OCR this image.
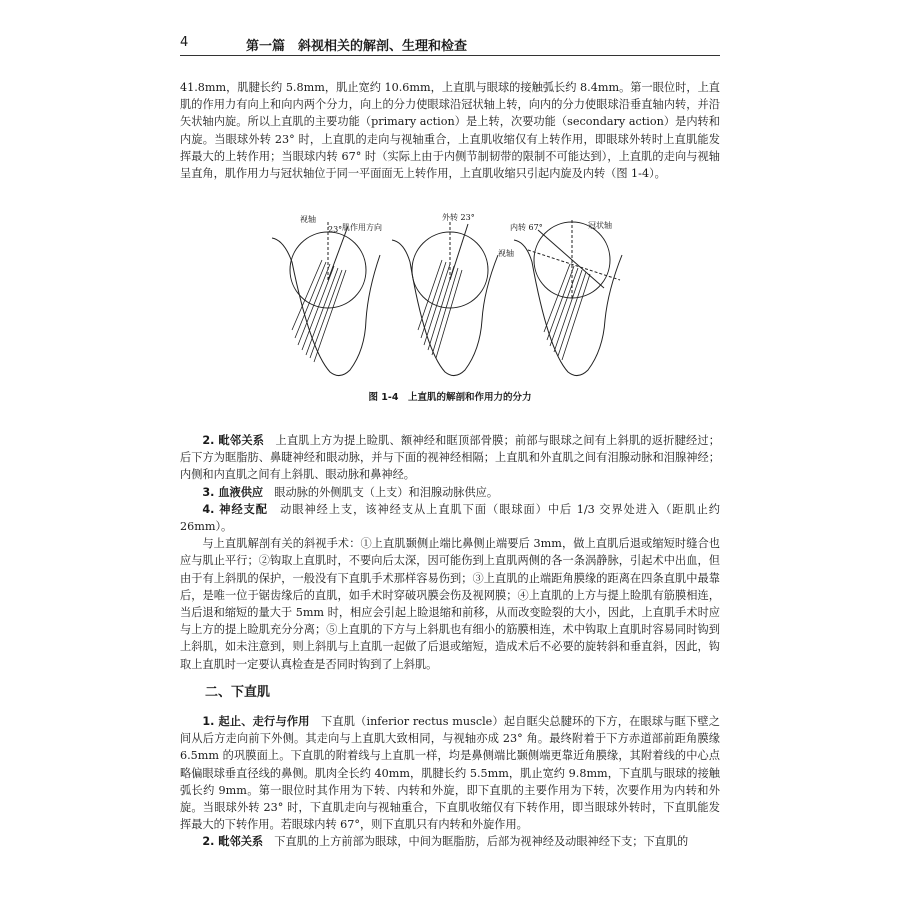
4	第一篇　斜视相关的解剖、生理和检查

41.8mm，肌腱长约 5.8mm，肌止宽约 10.6mm，上直肌与眼球的接触弧长约 8.4mm。第一眼位时，上直肌的作用力有向上和向内两个分力，向上的分力使眼球沿冠状轴上转，向内的分力使眼球沿垂直轴内转，并沿矢状轴内旋。所以上直肌的主要功能（primary action）是上转，次要功能（secondary action）是内转和内旋。当眼球外转 23° 时，上直肌的走向与视轴重合，上直肌收缩仅有上转作用，即眼球外转时上直肌能发挥最大的上转作用；当眼球内转 67° 时（实际上由于内侧节制韧带的限制不可能达到），上直肌的走向与视轴呈直角，肌作用力与冠状轴位于同一平面面无上转作用，上直肌收缩只引起内旋及内转（图 1-4）。

视轴
23° 肌作用方向
外转 23°
内转 67°	冠状轴
视轴
图 1-4　上直肌的解剖和作用力的分力

2. 毗邻关系　 上直肌上方为提上睑肌、额神经和眶顶部骨膜；前部与眼球之间有上斜肌的返折腱经过；后下方为眶脂肪、鼻睫神经和眼动脉，并与下面的视神经相隔；上直肌和外直肌之间有泪腺动脉和泪腺神经；内侧和内直肌之间有上斜肌、眼动脉和鼻神经。

3. 血液供应　 眼动脉的外侧肌支（上支）和泪腺动脉供应。

4. 神经支配　 动眼神经上支，该神经支从上直肌下面（眼球面）中后 1/3 交界处进入（距肌止约 26mm）。

与上直肌解剖有关的斜视手术：①上直肌颞侧止端比鼻侧止端要后 3mm，做上直肌后退或缩短时缝合也应与肌止平行；②钩取上直肌时，不要向后太深，因可能伤到上直肌两侧的各一条涡静脉，引起术中出血，但由于有上斜肌的保护，一般没有下直肌手术那样容易伤到；③上直肌的止端距角膜缘的距离在四条直肌中最靠后，是唯一位于锯齿缘后的直肌，如手术时穿破巩膜会伤及视网膜；④上直肌的上方与提上睑肌有筋膜相连，当后退和缩短的量大于 5mm 时，相应会引起上睑退缩和前移，从而改变睑裂的大小，因此，上直肌手术时应与上方的提上睑肌充分分离；⑤上直肌的下方与上斜肌也有细小的筋膜相连，术中钩取上直肌时容易同时钩到上斜肌，如未注意到，则上斜肌与上直肌一起做了后退或缩短，造成术后不必要的旋转斜和垂直斜，因此，钩取上直肌时一定要认真检查是否同时钩到了上斜肌。

二、下直肌

1. 起止、走行与作用　 下直肌（inferior rectus muscle）起自眶尖总腱环的下方，在眼球与眶下壁之间从后方走向前下外侧。其走向与上直肌大致相同，与视轴亦成 23° 角。最终附着于下方赤道部前距角膜缘 6.5mm 的巩膜面上。下直肌的附着线与上直肌一样，均是鼻侧端比颞侧端更靠近角膜缘，其附着线的中心点略偏眼球垂直径线的鼻侧。肌肉全长约 40mm，肌腱长约 5.5mm，肌止宽约 9.8mm，下直肌与眼球的接触弧长约 9mm。第一眼位时其作用为下转、内转和外旋，即下直肌的主要作用为下转，次要作用为内转和外旋。当眼球外转 23° 时，下直肌走向与视轴重合，下直肌收缩仅有下转作用，即当眼球外转时，下直肌能发挥最大的下转作用。若眼球内转 67°，则下直肌只有内转和外旋作用。

2. 毗邻关系　 下直肌的上方前部为眼球，中间为眶脂肪，后部为视神经及动眼神经下支；下直肌的
